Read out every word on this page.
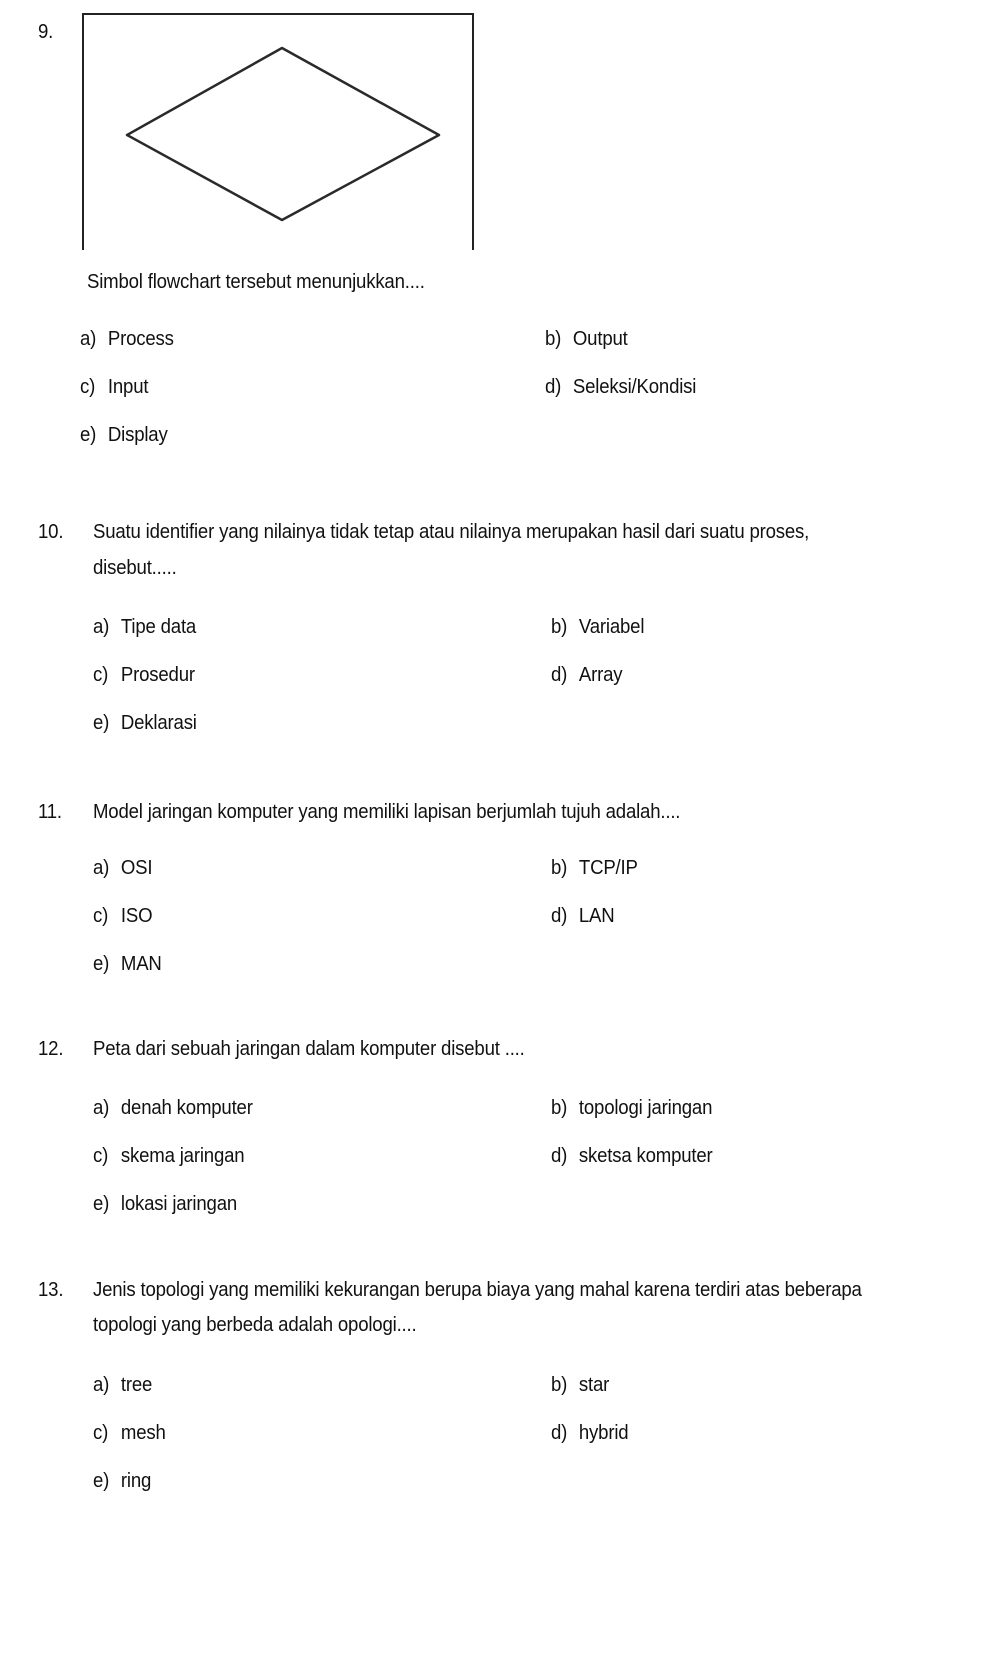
9.
Simbol flowchart tersebut menunjukkan....
a) Process	b) Output
c) Input	d) Seleksi/Kondisi
e) Display
10. Suatu identifier yang nilainya tidak tetap atau nilainya merupakan hasil dari suatu proses,
disebut.....
a) Tipe data	b) Variabel
c) Prosedur	d) Array
e) Deklarasi
11. Model jaringan komputer yang memiliki lapisan berjumlah tujuh adalah....
a) OSI	b) TCP/IP
c) ISO	d) LAN
e) MAN
12. Peta dari sebuah jaringan dalam komputer disebut ....
a) denah komputer	b) topologi jaringan
c) skema jaringan	d) sketsa komputer
e) lokasi jaringan
13. Jenis topologi yang memiliki kekurangan berupa biaya yang mahal karena terdiri atas beberapa
topologi yang berbeda adalah opologi....
a) tree	b) star
c) mesh	d) hybrid
e) ring
